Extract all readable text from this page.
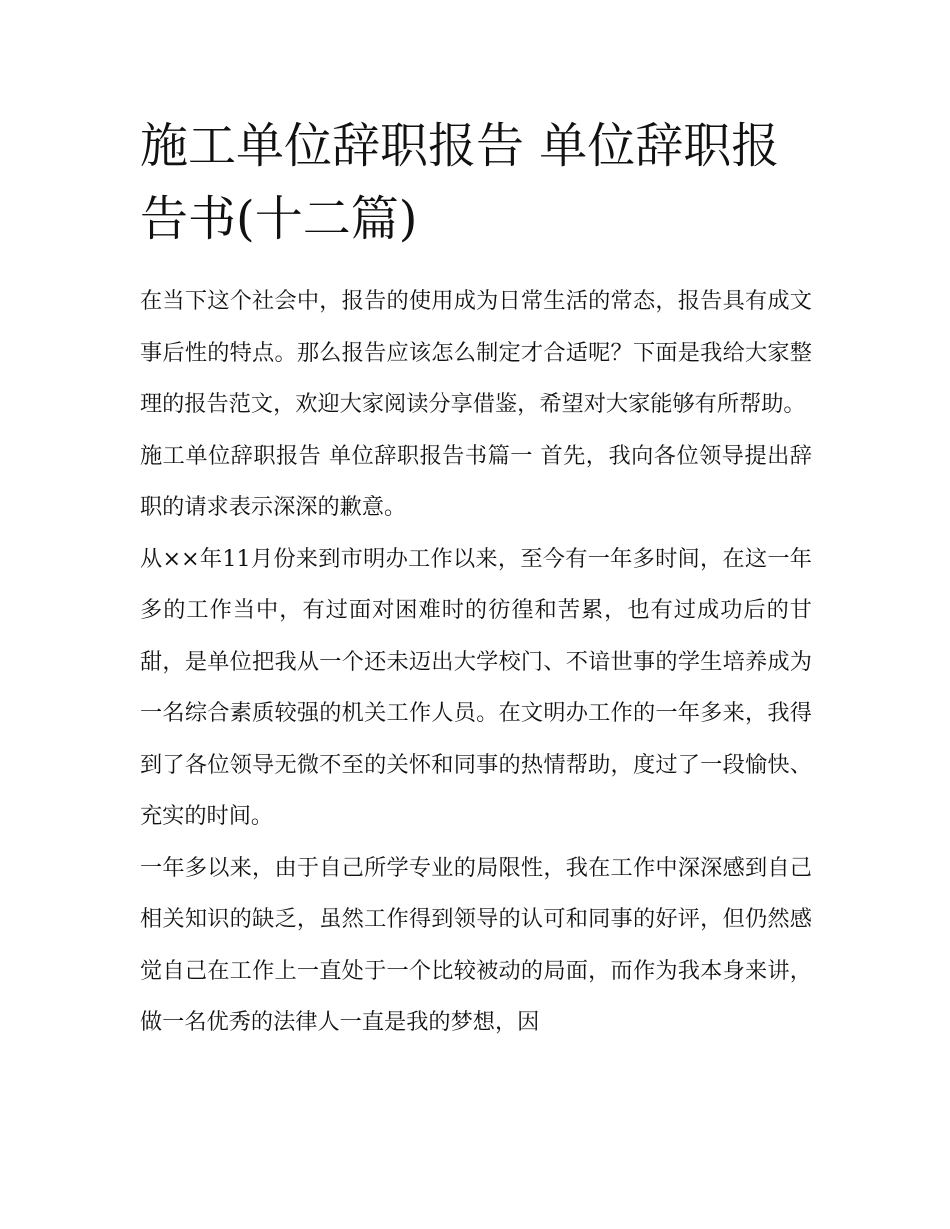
施工单位辞职报告 单位辞职报告书(十二篇)

在当下这个社会中，报告的使用成为日常生活的常态，报告具有成文事后性的特点。那么报告应该怎么制定才合适呢？下面是我给大家整理的报告范文，欢迎大家阅读分享借鉴，希望对大家能够有所帮助。

施工单位辞职报告 单位辞职报告书篇一 首先，我向各位领导提出辞职的请求表示深深的歉意。

从××年11月份来到市明办工作以来，至今有一年多时间，在这一年多的工作当中，有过面对困难时的彷徨和苦累，也有过成功后的甘甜，是单位把我从一个还未迈出大学校门、不谙世事的学生培养成为一名综合素质较强的机关工作人员。在文明办工作的一年多来，我得到了各位领导无微不至的关怀和同事的热情帮助，度过了一段愉快、充实的时间。

一年多以来，由于自己所学专业的局限性，我在工作中深深感到自己相关知识的缺乏，虽然工作得到领导的认可和同事的好评，但仍然感觉自己在工作上一直处于一个比较被动的局面，而作为我本身来讲，做一名优秀的法律人一直是我的梦想，因
